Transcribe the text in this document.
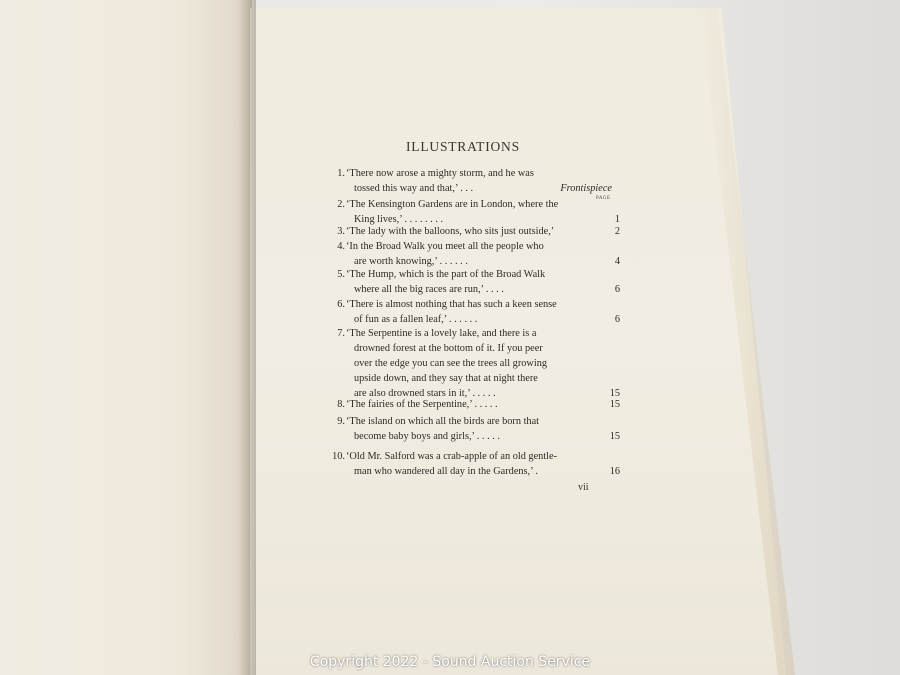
ILLUSTRATIONS
PAGE
1. ‘There now arose a mighty storm, and he was
tossed this way and that,’ . . .	Frontispiece
2. ‘The Kensington Gardens are in London, where the
King lives,’ . . . . . . . .	1
3. ‘The lady with the balloons, who sits just outside,’	2
4. ‘In the Broad Walk you meet all the people who
are worth knowing,’ . . . . . .	4
5. ‘The Hump, which is the part of the Broad Walk
where all the big races are run,’ . . . .	6
6. ‘There is almost nothing that has such a keen sense
of fun as a fallen leaf,’ . . . . . .	6
7. ‘The Serpentine is a lovely lake, and there is a
drowned forest at the bottom of it. If you peer
over the edge you can see the trees all growing
upside down, and they say that at night there
are also drowned stars in it,’ . . . . .	15
8. ‘The fairies of the Serpentine,’ . . . . .	15
9. ‘The island on which all the birds are born that
become baby boys and girls,’ . . . . .	15
10. ‘Old Mr. Salford was a crab-apple of an old gentle-
man who wandered all day in the Gardens,’ .	16
vii
Copyright 2022 - Sound Auction Service
